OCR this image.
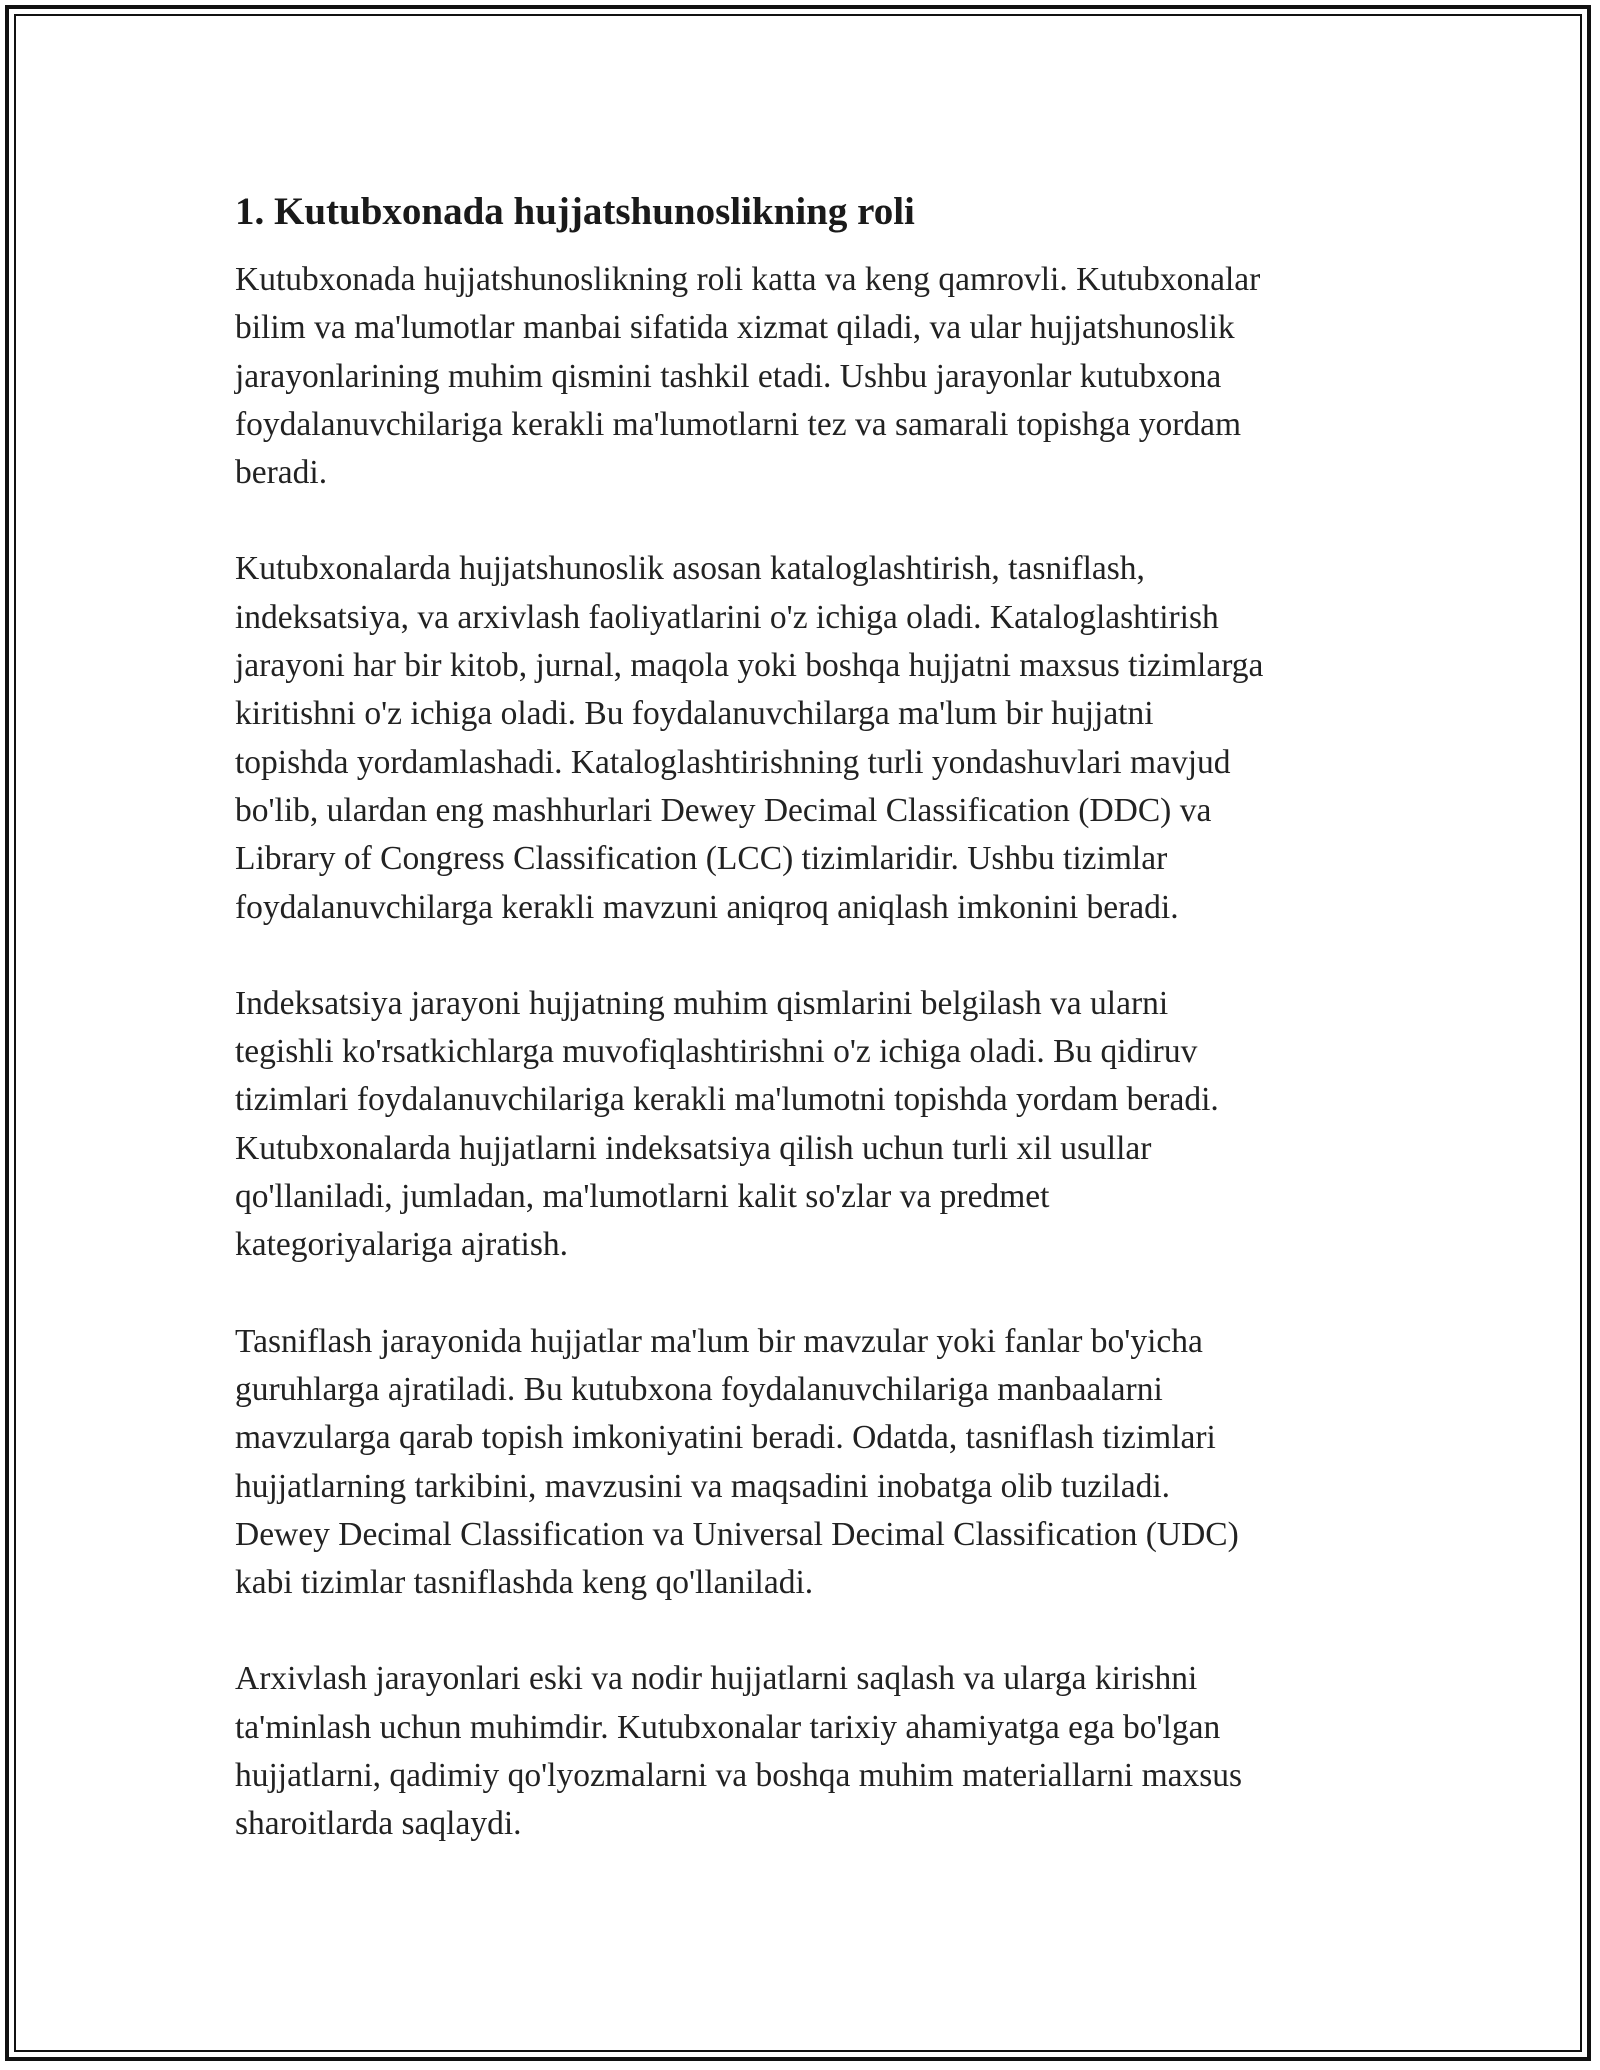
1. Kutubxonada hujjatshunoslikning roli
Kutubxonada hujjatshunoslikning roli katta va keng qamrovli. Kutubxonalar
bilim va ma'lumotlar manbai sifatida xizmat qiladi, va ular hujjatshunoslik
jarayonlarining muhim qismini tashkil etadi. Ushbu jarayonlar kutubxona
foydalanuvchilariga kerakli ma'lumotlarni tez va samarali topishga yordam
beradi.
Kutubxonalarda hujjatshunoslik asosan kataloglashtirish, tasniflash,
indeksatsiya, va arxivlash faoliyatlarini o'z ichiga oladi. Kataloglashtirish
jarayoni har bir kitob, jurnal, maqola yoki boshqa hujjatni maxsus tizimlarga
kiritishni o'z ichiga oladi. Bu foydalanuvchilarga ma'lum bir hujjatni
topishda yordamlashadi. Kataloglashtirishning turli yondashuvlari mavjud
bo'lib, ulardan eng mashhurlari Dewey Decimal Classification (DDC) va
Library of Congress Classification (LCC) tizimlaridir. Ushbu tizimlar
foydalanuvchilarga kerakli mavzuni aniqroq aniqlash imkonini beradi.
Indeksatsiya jarayoni hujjatning muhim qismlarini belgilash va ularni
tegishli ko'rsatkichlarga muvofiqlashtirishni o'z ichiga oladi. Bu qidiruv
tizimlari foydalanuvchilariga kerakli ma'lumotni topishda yordam beradi.
Kutubxonalarda hujjatlarni indeksatsiya qilish uchun turli xil usullar
qo'llaniladi, jumladan, ma'lumotlarni kalit so'zlar va predmet
kategoriyalariga ajratish.
Tasniflash jarayonida hujjatlar ma'lum bir mavzular yoki fanlar bo'yicha
guruhlarga ajratiladi. Bu kutubxona foydalanuvchilariga manbaalarni
mavzularga qarab topish imkoniyatini beradi. Odatda, tasniflash tizimlari
hujjatlarning tarkibini, mavzusini va maqsadini inobatga olib tuziladi.
Dewey Decimal Classification va Universal Decimal Classification (UDC)
kabi tizimlar tasniflashda keng qo'llaniladi.
Arxivlash jarayonlari eski va nodir hujjatlarni saqlash va ularga kirishni
ta'minlash uchun muhimdir. Kutubxonalar tarixiy ahamiyatga ega bo'lgan
hujjatlarni, qadimiy qo'lyozmalarni va boshqa muhim materiallarni maxsus
sharoitlarda saqlaydi.
